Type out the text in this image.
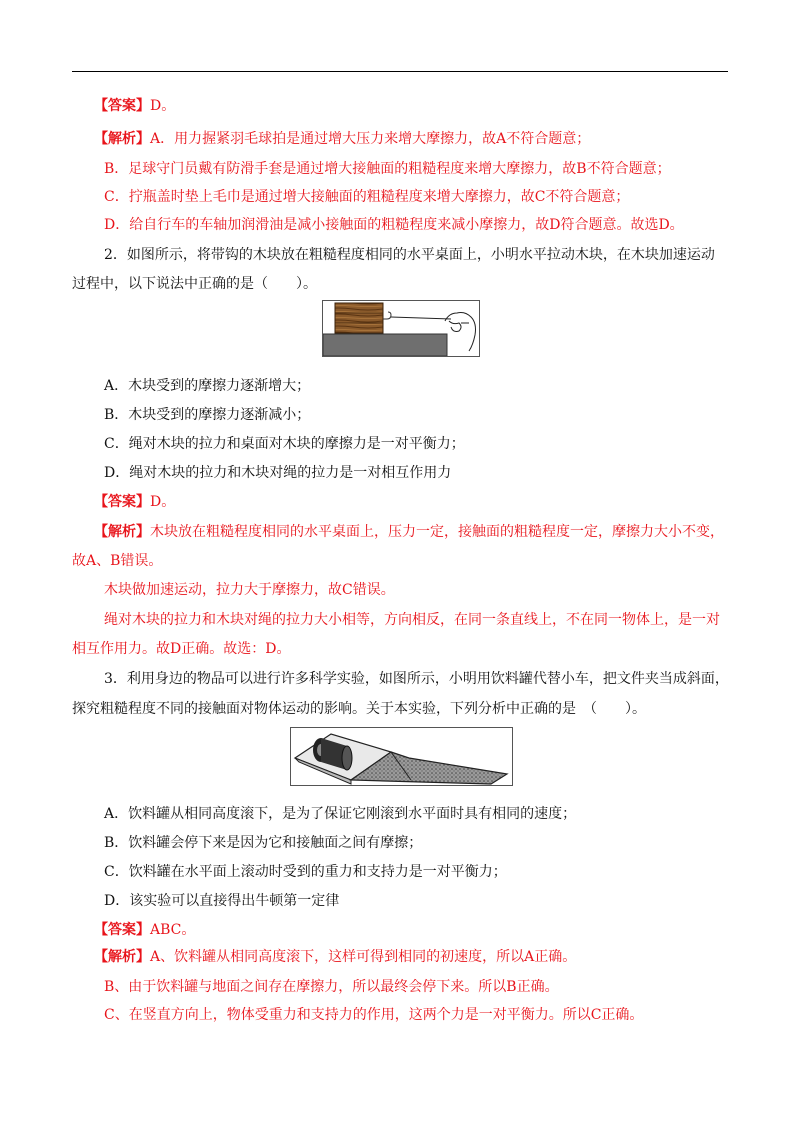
【答案】 D。
【解析】 A．用力握紧羽毛球拍是通过增大压力来增大摩擦力，故A不符合题意；
B．足球守门员戴有防滑手套是通过增大接触面的粗糙程度来增大摩擦力，故B不符合题意；
C．拧瓶盖时垫上毛巾是通过增大接触面的粗糙程度来增大摩擦力，故C不符合题意；
D．给自行车的车轴加润滑油是减小接触面的粗糙程度来减小摩擦力，故D符合题意。故选D。
2．如图所示，将带钩的木块放在粗糙程度相同的水平桌面上，小明水平拉动木块，在木块加速运动
过程中，以下说法中正确的是（　　）。
A．木块受到的摩擦力逐渐增大；
B．木块受到的摩擦力逐渐减小；
C．绳对木块的拉力和桌面对木块的摩擦力是一对平衡力；
D．绳对木块的拉力和木块对绳的拉力是一对相互作用力
【答案】 D。
【解析】 木块放在粗糙程度相同的水平桌面上，压力一定，接触面的粗糙程度一定，摩擦力大小不变，
故A、B错误。
木块做加速运动，拉力大于摩擦力，故C错误。
绳对木块的拉力和木块对绳的拉力大小相等，方向相反，在同一条直线上，不在同一物体上，是一对
相互作用力。故D正确。故选：D。
3．利用身边的物品可以进行许多科学实验，如图所示，小明用饮料罐代替小车，把文件夹当成斜面，
探究粗糙程度不同的接触面对物体运动的影响。关于本实验，下列分析中正确的是　（　　）。
A．饮料罐从相同高度滚下，是为了保证它刚滚到水平面时具有相同的速度；
B．饮料罐会停下来是因为它和接触面之间有摩擦；
C．饮料罐在水平面上滚动时受到的重力和支持力是一对平衡力；
D．该实验可以直接得出牛顿第一定律
【答案】 ABC。
【解析】 A、饮料罐从相同高度滚下，这样可得到相同的初速度，所以A正确。
B、由于饮料罐与地面之间存在摩擦力，所以最终会停下来。所以B正确。
C、在竖直方向上，物体受重力和支持力的作用，这两个力是一对平衡力。所以C正确。
